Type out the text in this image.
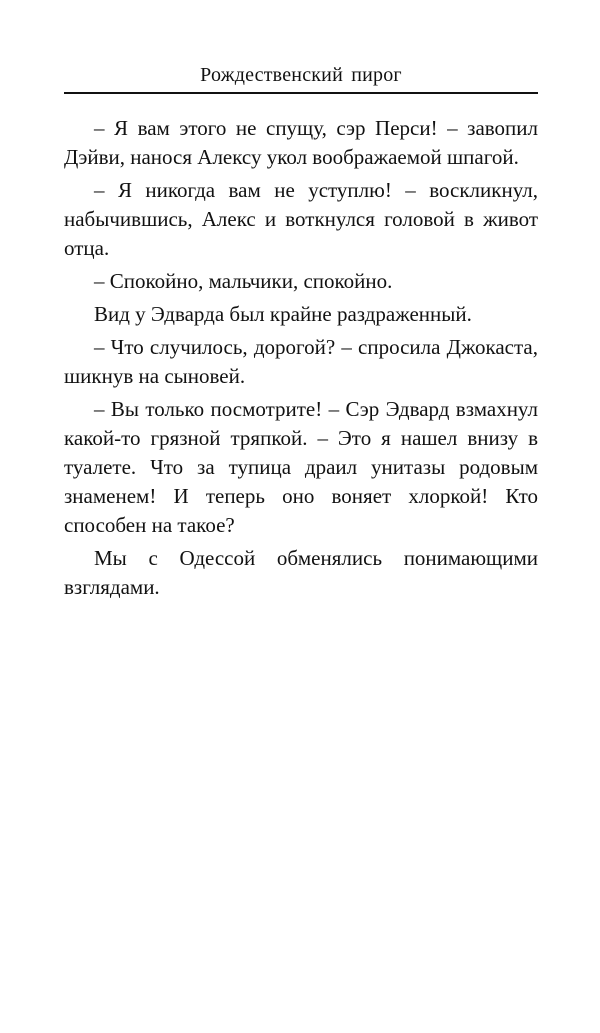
Рождественский пирог

– Я вам этого не спущу, сэр Перси! – завопил Дэйви, нанося Алексу укол воображаемой шпагой.

– Я никогда вам не уступлю! – воскликнул, набычившись, Алекс и воткнулся головой в живот отца.

– Спокойно, мальчики, спокойно.

Вид у Эдварда был крайне раздраженный.

– Что случилось, дорогой? – спросила Джокаста, шикнув на сыновей.

– Вы только посмотрите! – Сэр Эдвард взмахнул какой-то грязной тряпкой. – Это я нашел внизу в туалете. Что за тупица драил унитазы родовым знаменем! И теперь оно воняет хлоркой! Кто способен на такое?

Мы с Одессой обменялись понимающими взглядами.
